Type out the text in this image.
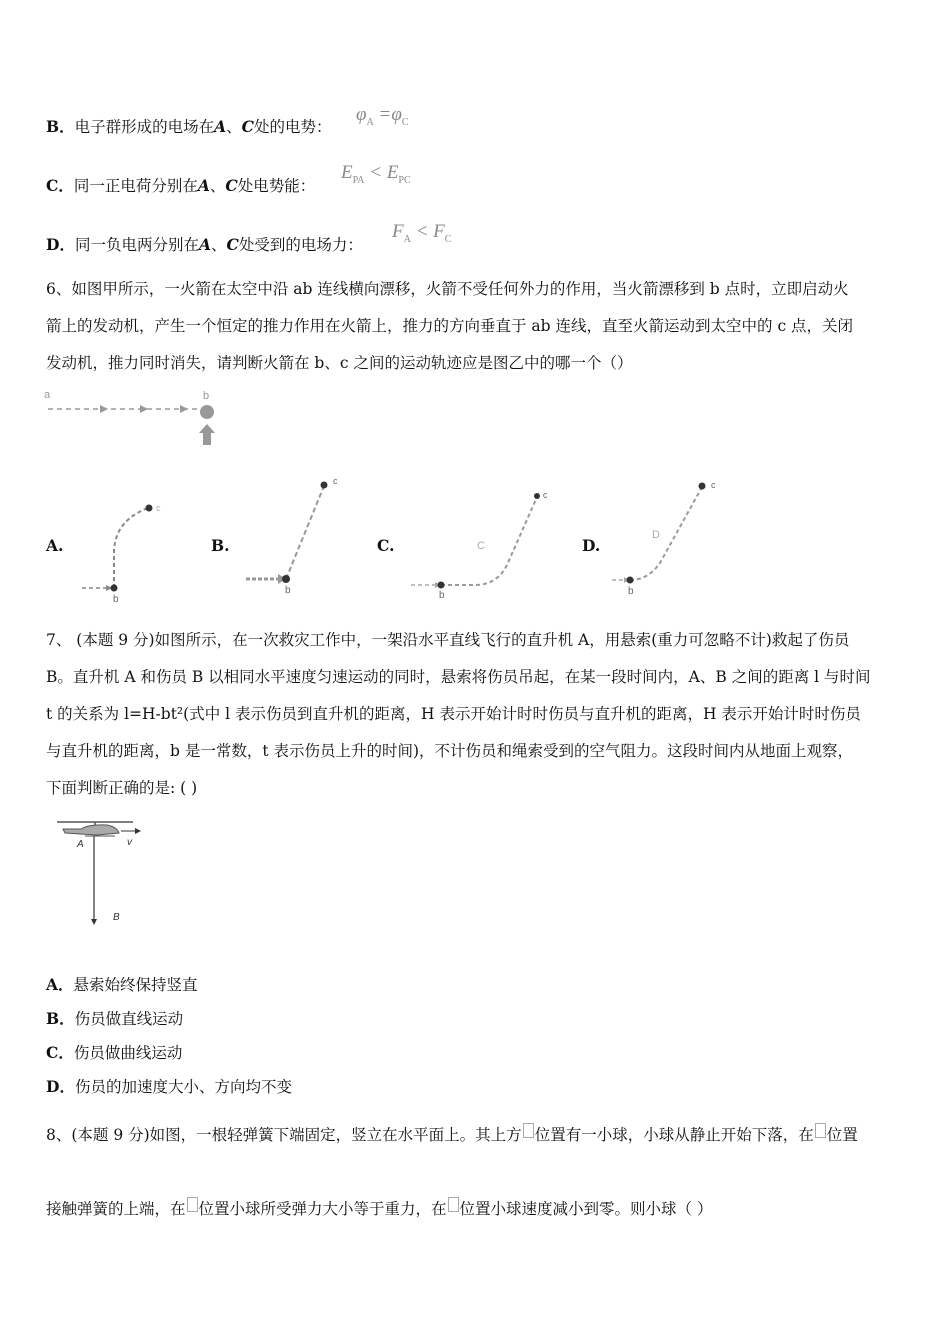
B．电子群形成的电场在A、C处的电势：
$\varphi_A =\varphi_C$
C．同一正电荷分别在A、C处电势能：
$E_{PA} < E_{PC}$
D．同一负电两分别在A、C处受到的电场力：
$F_A < F_C$
6、如图甲所示，一火箭在太空中沿 ab 连线横向漂移，火箭不受任何外力的作用，当火箭漂移到 b 点时，立即启动火
箭上的发动机，产生一个恒定的推力作用在火箭上，推力的方向垂直于 ab 连线，直至火箭运动到太空中的 c 点，关闭
发动机，推力同时消失，请判断火箭在 b、c 之间的运动轨迹应是图乙中的哪一个（）
a	b
A.	B.	C.	D.
b
c
b
c
b
c
C
b
c
D
7、 (本题 9 分)如图所示，在一次救灾工作中，一架沿水平直线飞行的直升机 A，用悬索(重力可忽略不计)救起了伤员
B。直升机 A 和伤员 B 以相同水平速度匀速运动的同时，悬索将伤员吊起，在某一段时间内，A、B 之间的距离 l 与时间
t 的关系为 l=H-bt²(式中 l 表示伤员到直升机的距离，H 表示开始计时时伤员与直升机的距离，H 表示开始计时时伤员
与直升机的距离，b 是一常数，t 表示伤员上升的时间)，不计伤员和绳索受到的空气阻力。这段时间内从地面上观察，
下面判断正确的是: ( )
A	v
B
A．悬索始终保持竖直
B．伤员做直线运动
C．伤员做曲线运动
D．伤员的加速度大小、方向均不变
8、(本题 9 分)如图，一根轻弹簧下端固定，竖立在水平面上。其上方 位置有一小球，小球从静止开始下落，在 位置
接触弹簧的上端，在 位置小球所受弹力大小等于重力，在 位置小球速度减小到零。则小球（ ）
